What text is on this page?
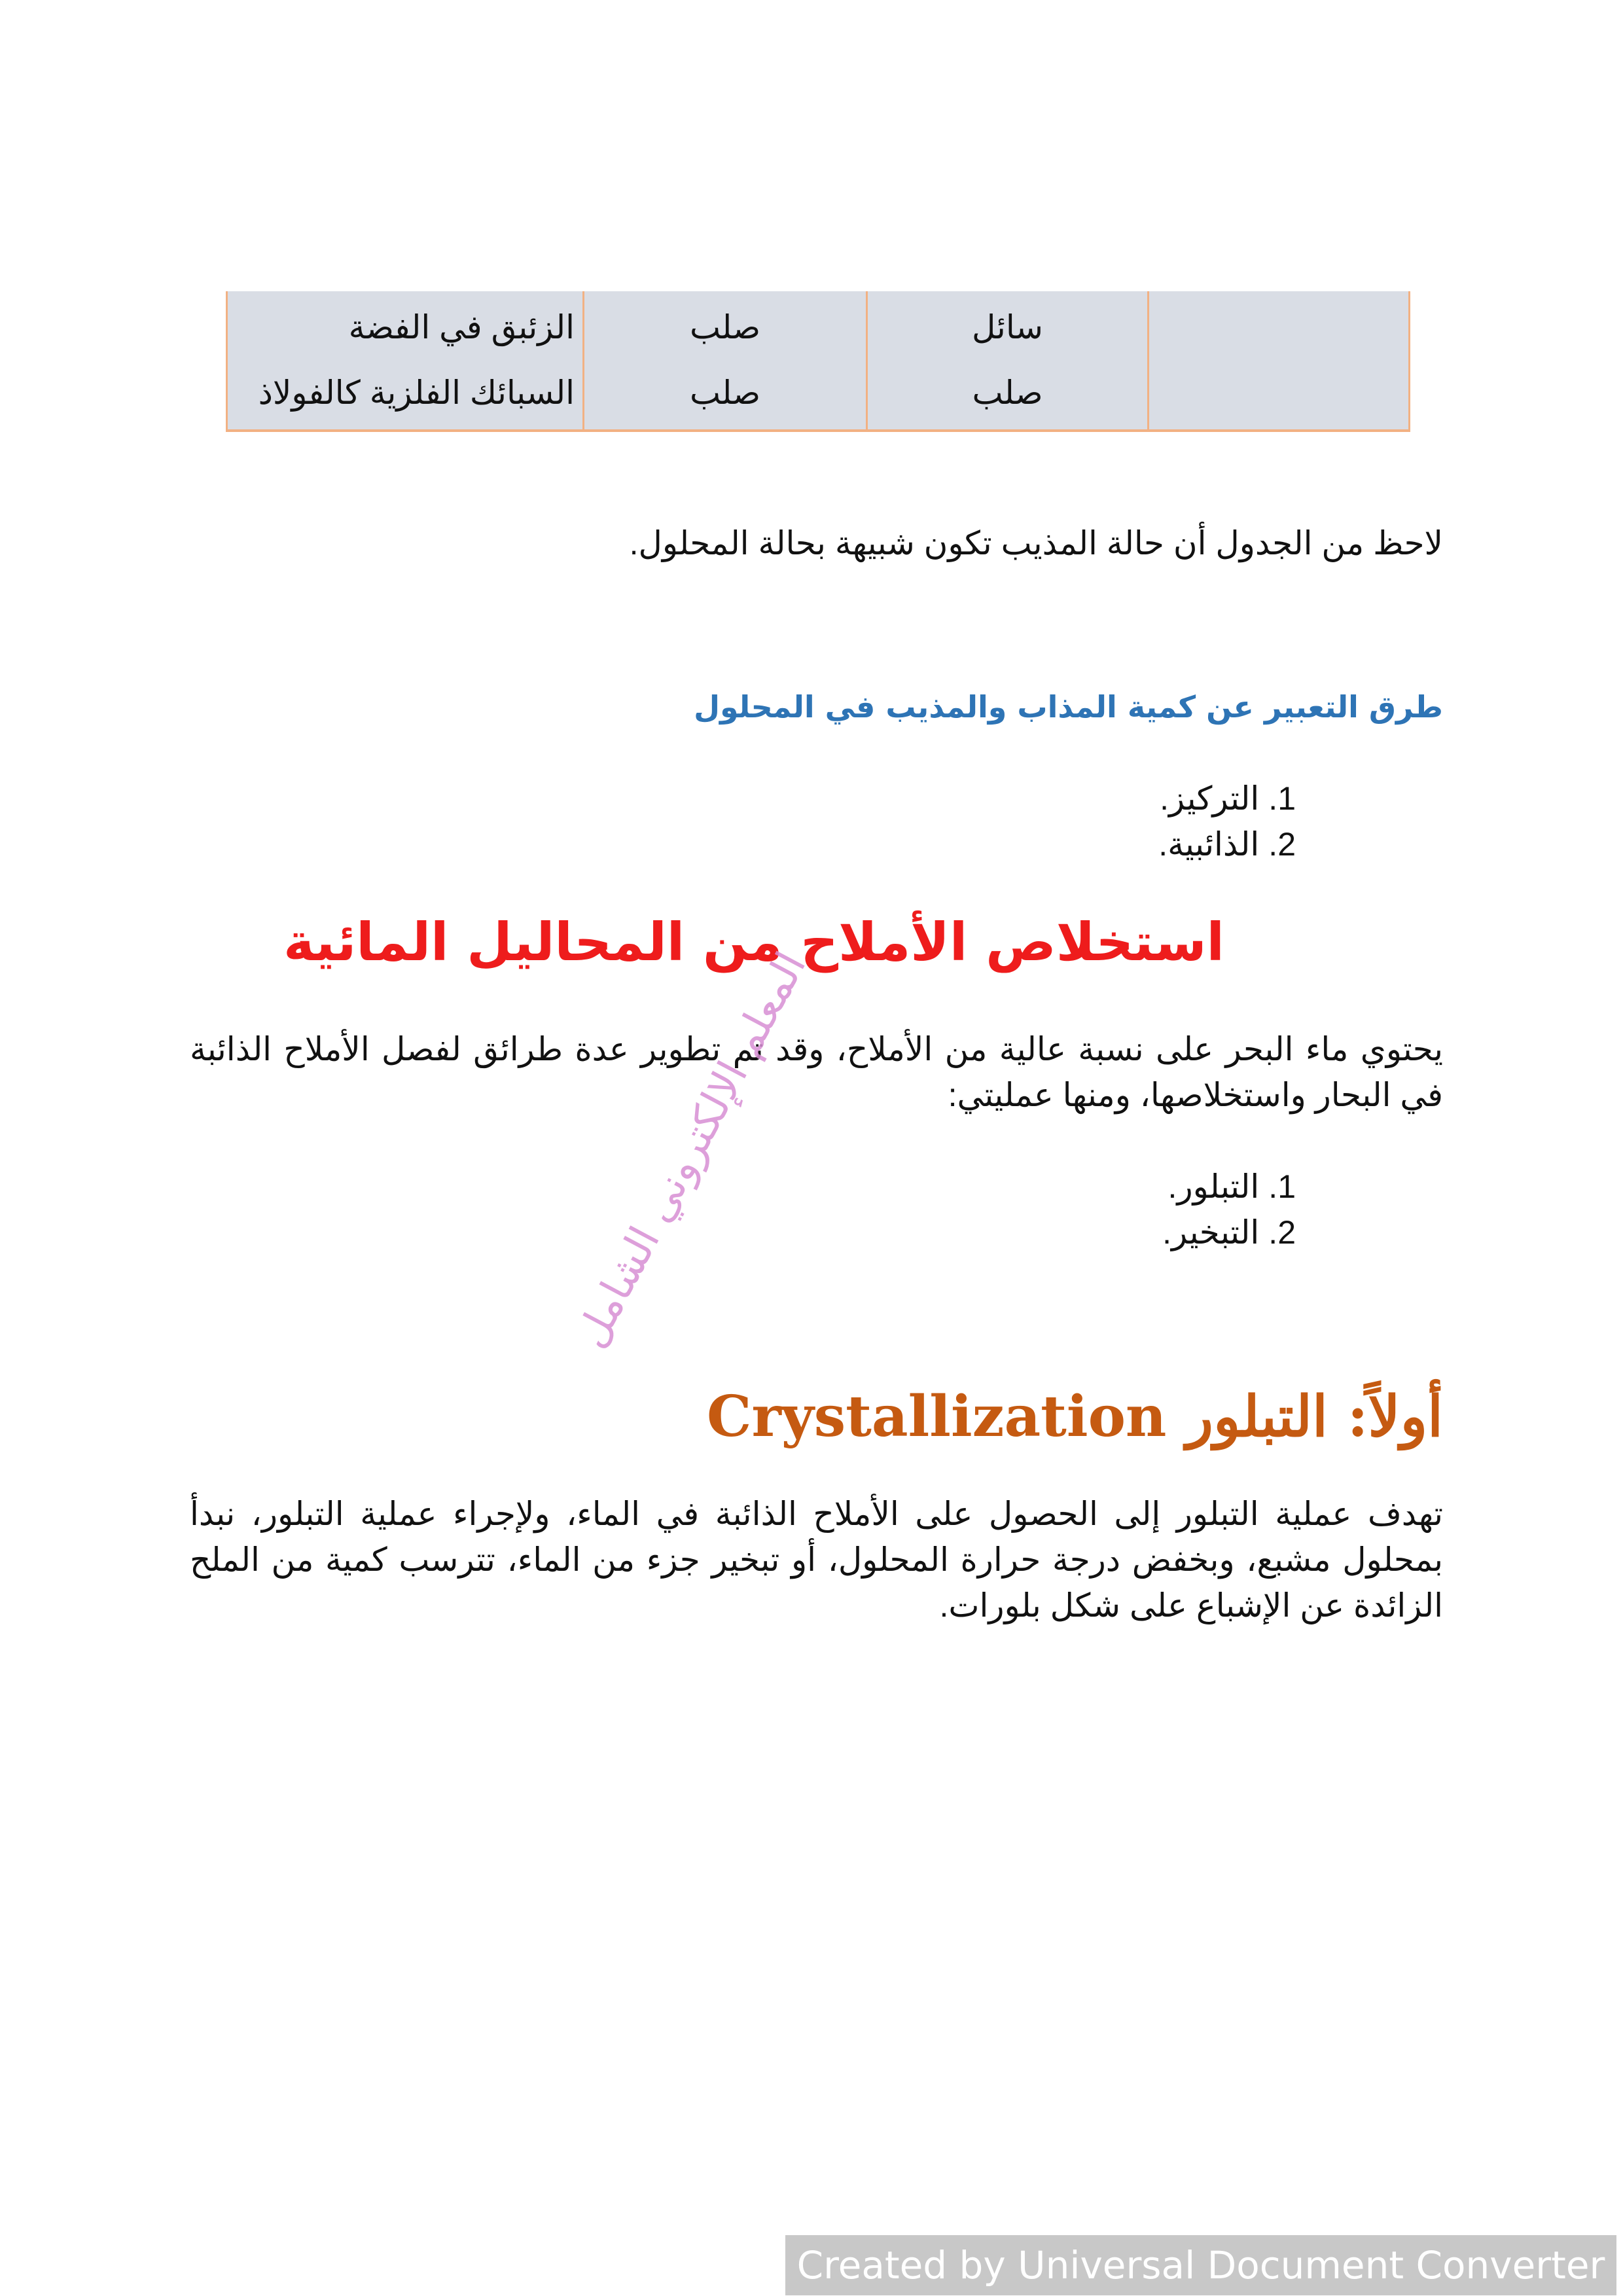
الزئبق في الفضة	صلب	سائل
السبائك الفلزية كالفولاذ	صلب	صلب
لاحظ من الجدول أن حالة المذيب تكون شبيهة بحالة المحلول.
طرق التعبير عن كمية المذاب والمذيب في المحلول
1.التركيز.
2.الذائبية.
استخلاص الأملاح من المحاليل المائية
يحتوي ماء البحر على نسبة عالية من الأملاح، وقد تم تطوير عدة طرائق لفصل الأملاح الذائبة في البحار واستخلاصها، ومنها عمليتي:
1.التبلور.
2.التبخير.
أولاً: التبلور Crystallization
تهدف عملية التبلور إلى الحصول على الأملاح الذائبة في الماء، ولإجراء عملية التبلور، نبدأ بمحلول مشبع، وبخفض درجة حرارة المحلول، أو تبخير جزء من الماء، تترسب كمية من الملح الزائدة عن الإشباع على شكل بلورات.
المعلم الإلكتروني الشامل
Created by Universal Document Converter
